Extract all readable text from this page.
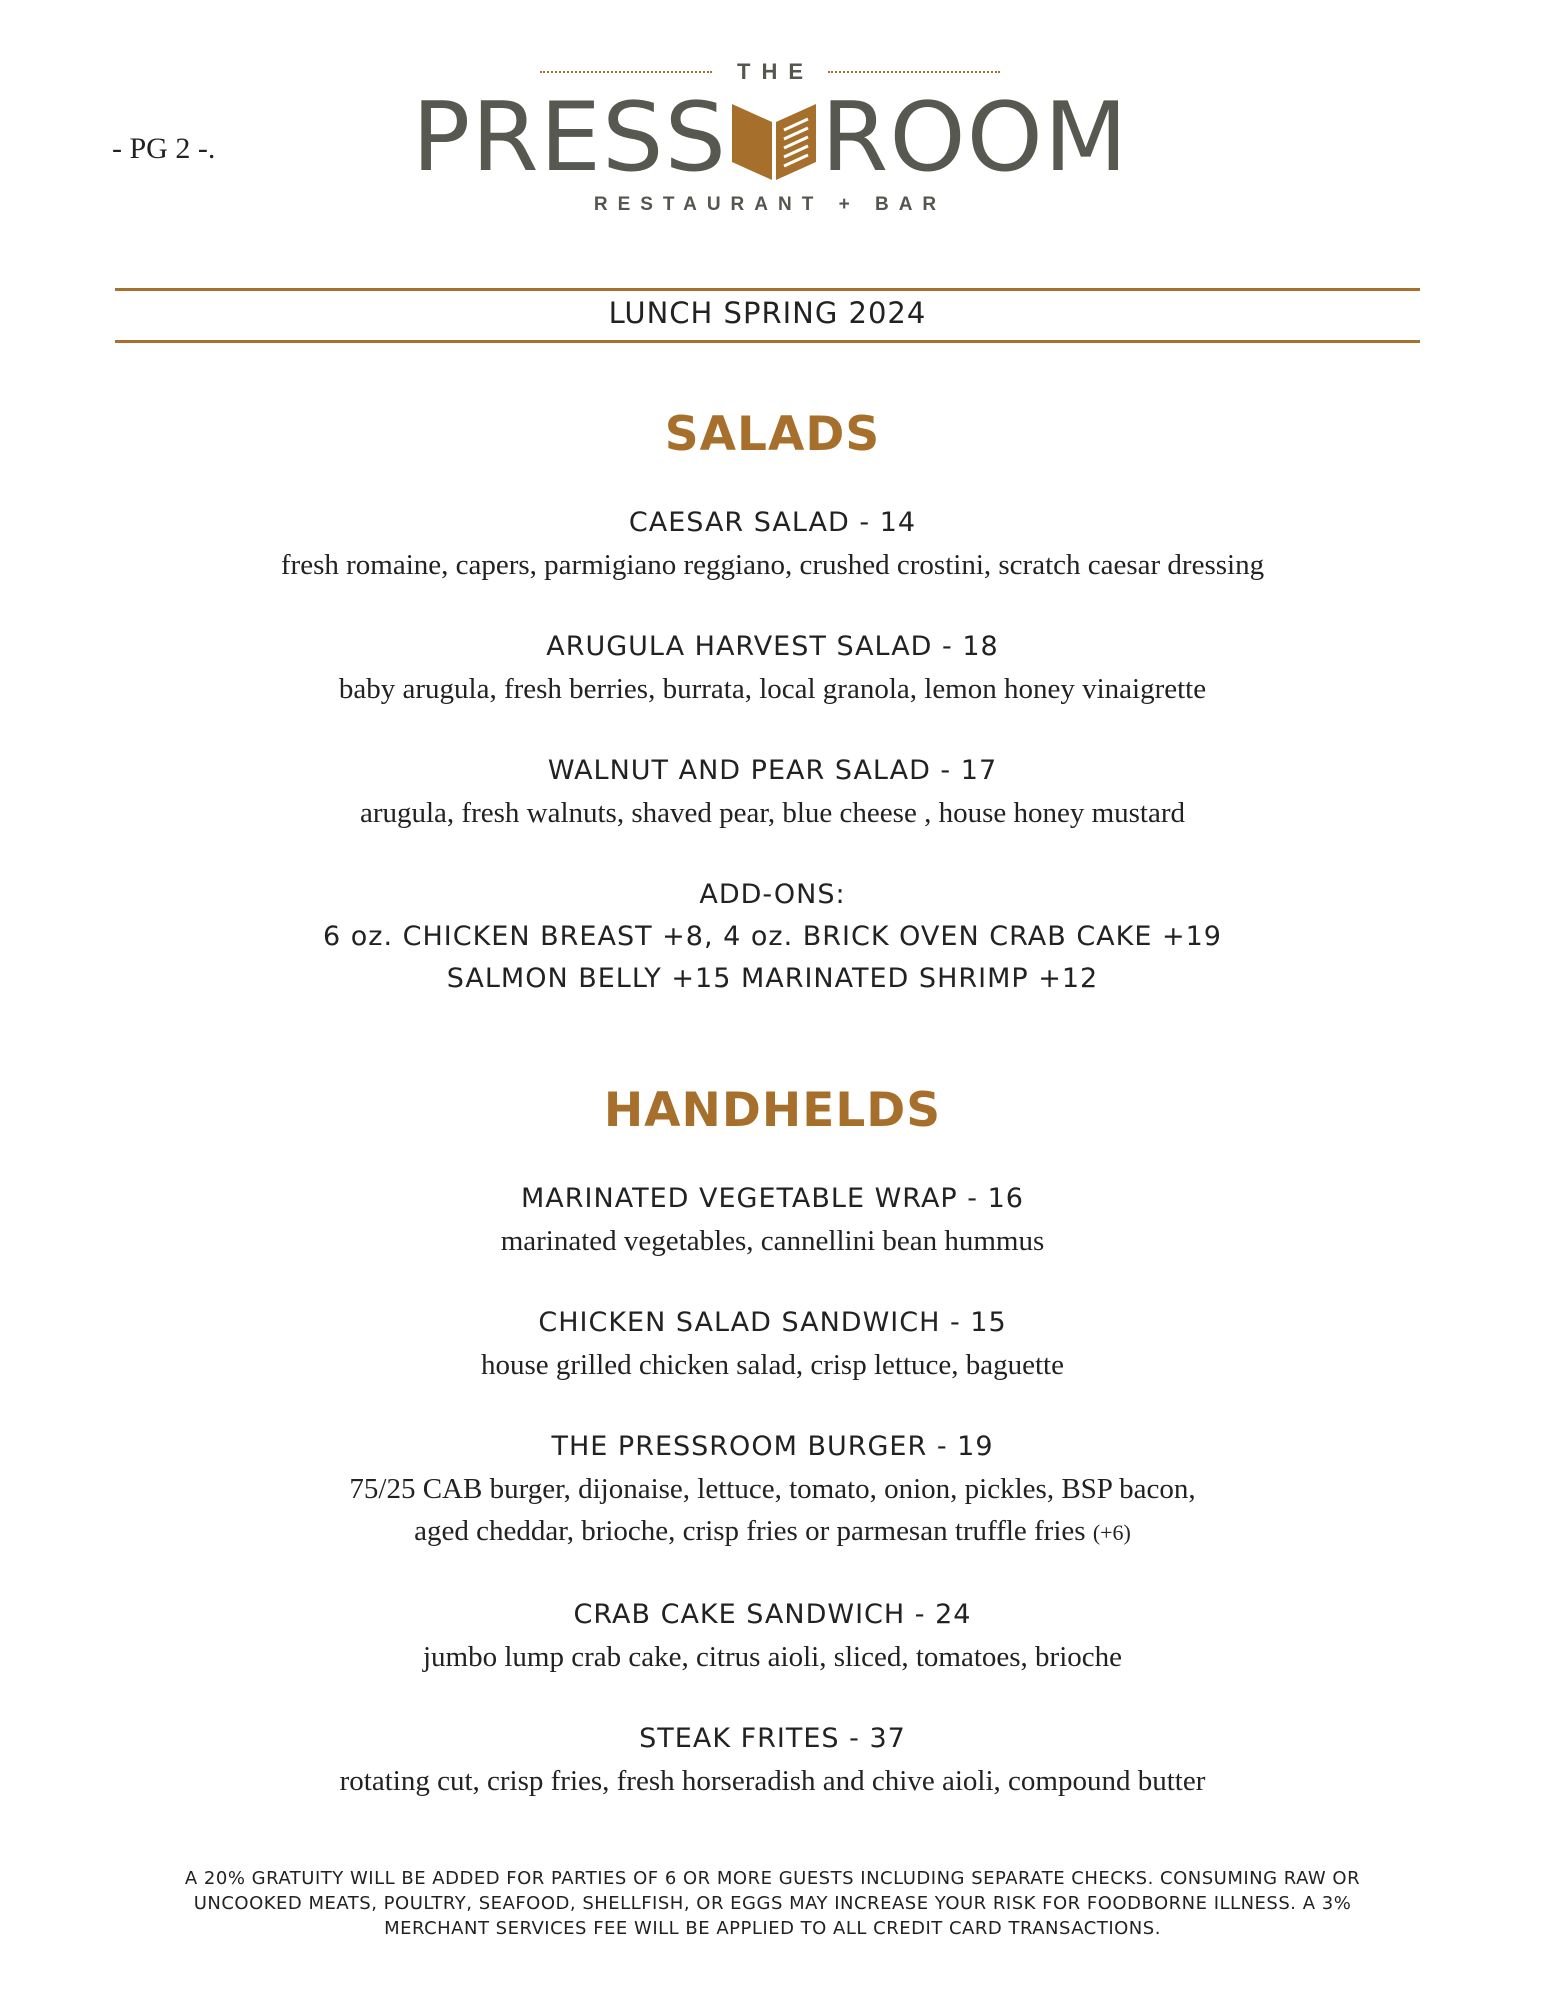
- PG 2 -.
THE
PRESS ROOM
RESTAURANT + BAR
LUNCH SPRING 2024
SALADS
CAESAR SALAD - 14
fresh romaine, capers, parmigiano reggiano, crushed crostini, scratch caesar dressing
ARUGULA HARVEST SALAD - 18
baby arugula, fresh berries, burrata, local granola, lemon honey vinaigrette
WALNUT AND PEAR SALAD - 17
arugula, fresh walnuts, shaved pear, blue cheese , house honey mustard
ADD-ONS:
6 oz. CHICKEN BREAST +8, 4 oz. BRICK OVEN CRAB CAKE +19
SALMON BELLY +15 MARINATED SHRIMP +12
HANDHELDS
MARINATED VEGETABLE WRAP - 16
marinated vegetables, cannellini bean hummus
CHICKEN SALAD SANDWICH - 15
house grilled chicken salad, crisp lettuce, baguette
THE PRESSROOM BURGER - 19
75/25 CAB burger, dijonaise, lettuce, tomato, onion, pickles, BSP bacon,
aged cheddar, brioche, crisp fries or parmesan truffle fries (+6)
CRAB CAKE SANDWICH - 24
jumbo lump crab cake, citrus aioli, sliced, tomatoes, brioche
STEAK FRITES - 37
rotating cut, crisp fries, fresh horseradish and chive aioli, compound butter
A 20% GRATUITY WILL BE ADDED FOR PARTIES OF 6 OR MORE GUESTS INCLUDING SEPARATE CHECKS. CONSUMING RAW OR
UNCOOKED MEATS, POULTRY, SEAFOOD, SHELLFISH, OR EGGS MAY INCREASE YOUR RISK FOR FOODBORNE ILLNESS. A 3%
MERCHANT SERVICES FEE WILL BE APPLIED TO ALL CREDIT CARD TRANSACTIONS.
